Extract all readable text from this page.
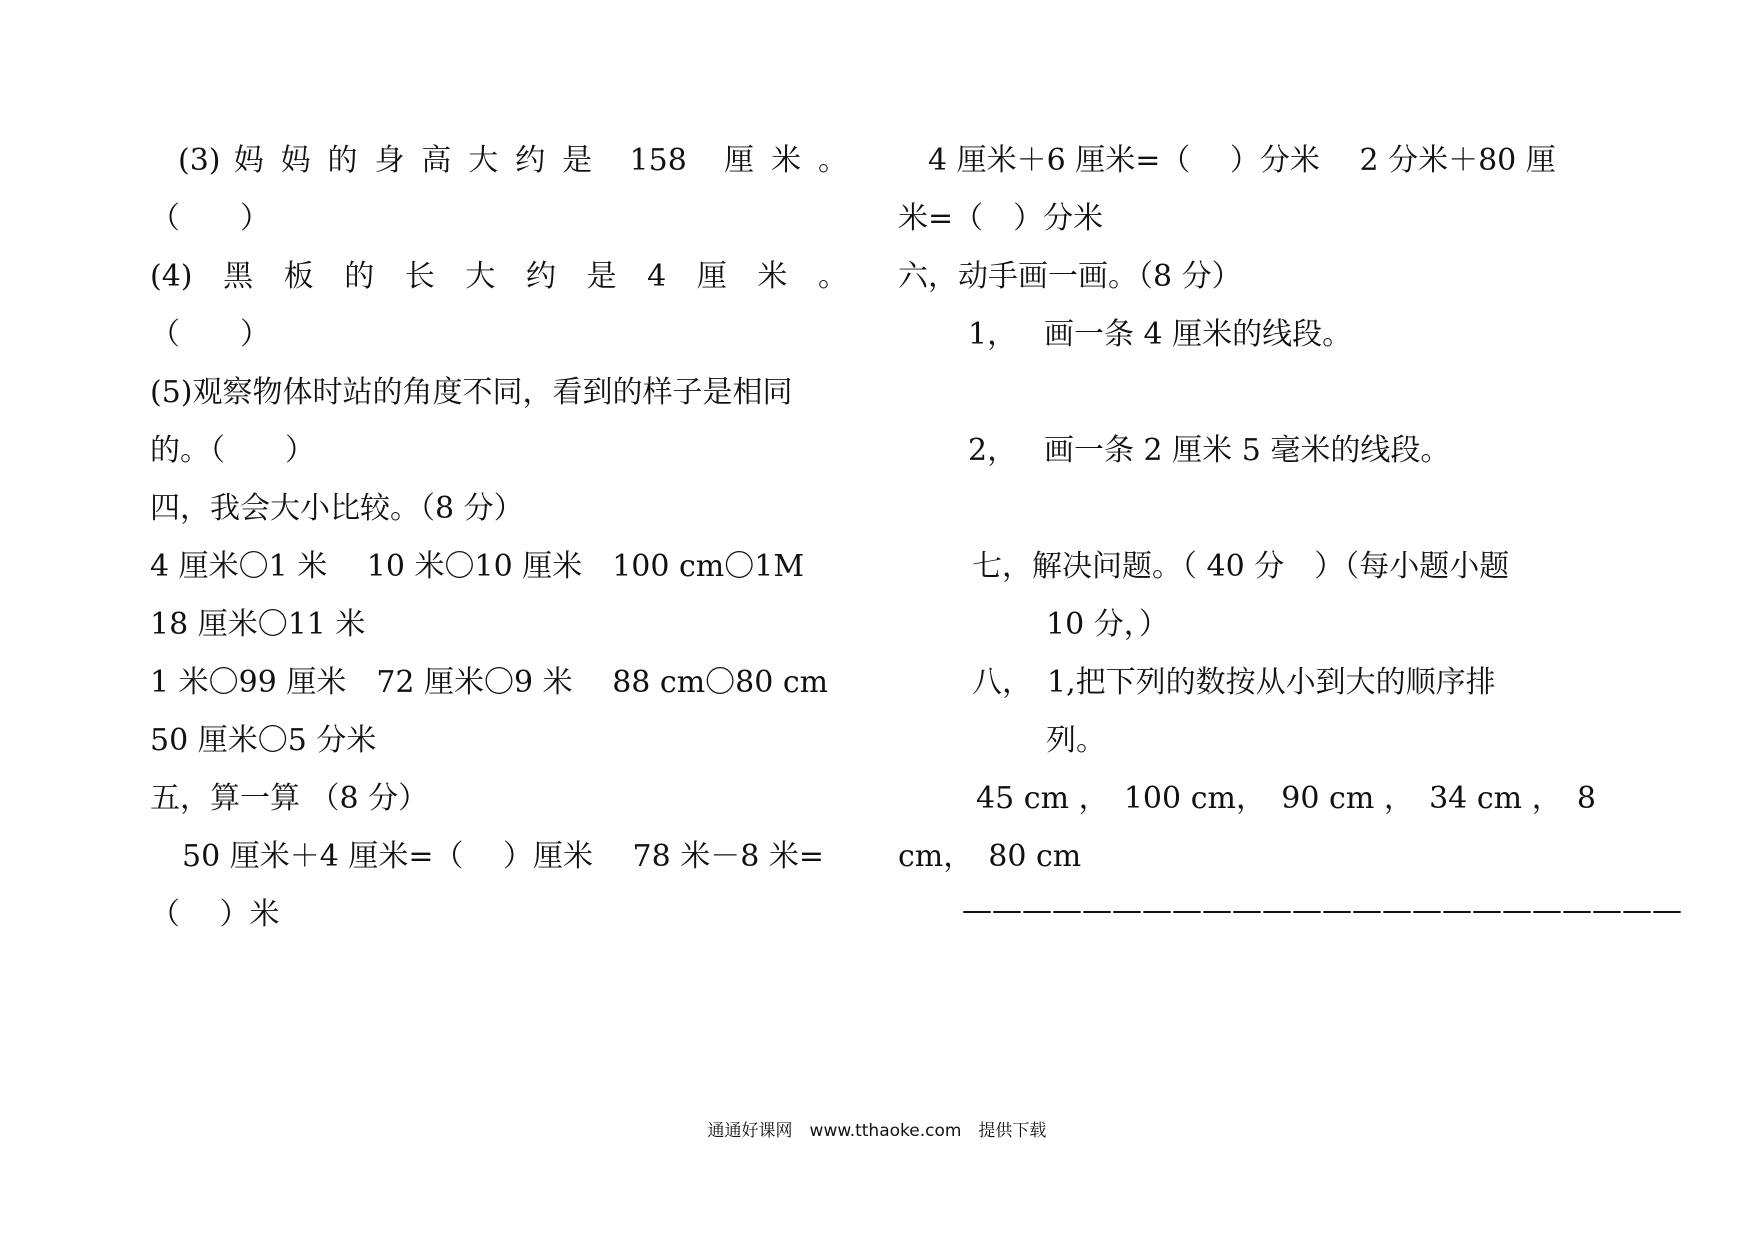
(3) 妈 妈 的 身 高 大 约 是　158　厘 米 。
（　　）
(4)　黑　板　的　长　大　约　是　4　厘　米　。
（　　）
(5)观察物体时站的角度不同，看到的样子是相同
的。（　　）
四，我会大小比较。（8 分）
4 厘米〇1 米　 10 米〇10 厘米　100 cm〇1M
18 厘米〇11 米
1 米〇99 厘米　72 厘米〇9 米　 88 cm〇80 cm
50 厘米〇5 分米
五，算一算 （8 分）
50 厘米＋4 厘米=（　 ）厘米　 78 米－8 米=
（　 ）米
4 厘米＋6 厘米=（　 ）分米　 2 分米＋80 厘
米=（　）分米
六，动手画一画。（8 分）
1， 画一条 4 厘米的线段。
2， 画一条 2 厘米 5 毫米的线段。
七，解决问题。（ 40 分　）（每小题小题
10 分，）
八，　1,把下列的数按从小到大的顺序排
列。
45 cm ，　100 cm，　90 cm ，　34 cm ，　8
cm，　80 cm
————————————————————————
通通好课网　www.tthaoke.com　提供下载
